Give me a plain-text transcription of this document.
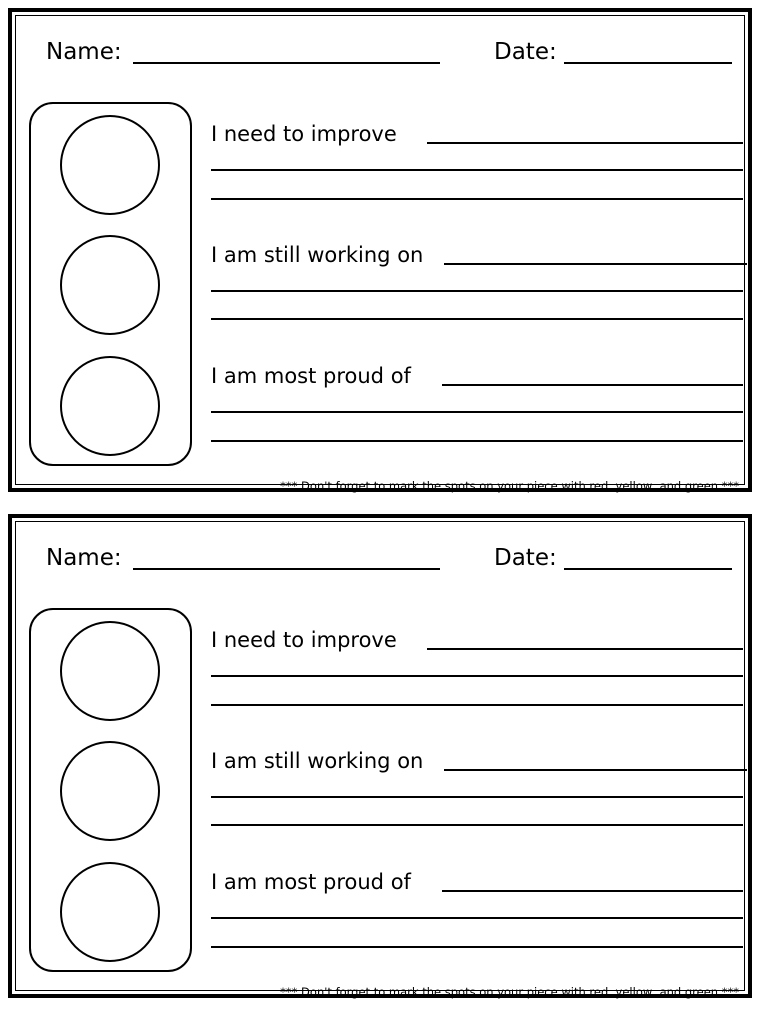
Name:	Date:
I need to improve
I am still working on
I am most proud of
*** Don't forget to mark the spots on your piece with red, yellow, and green ***
Name:	Date:
I need to improve
I am still working on
I am most proud of
*** Don't forget to mark the spots on your piece with red, yellow, and green ***
